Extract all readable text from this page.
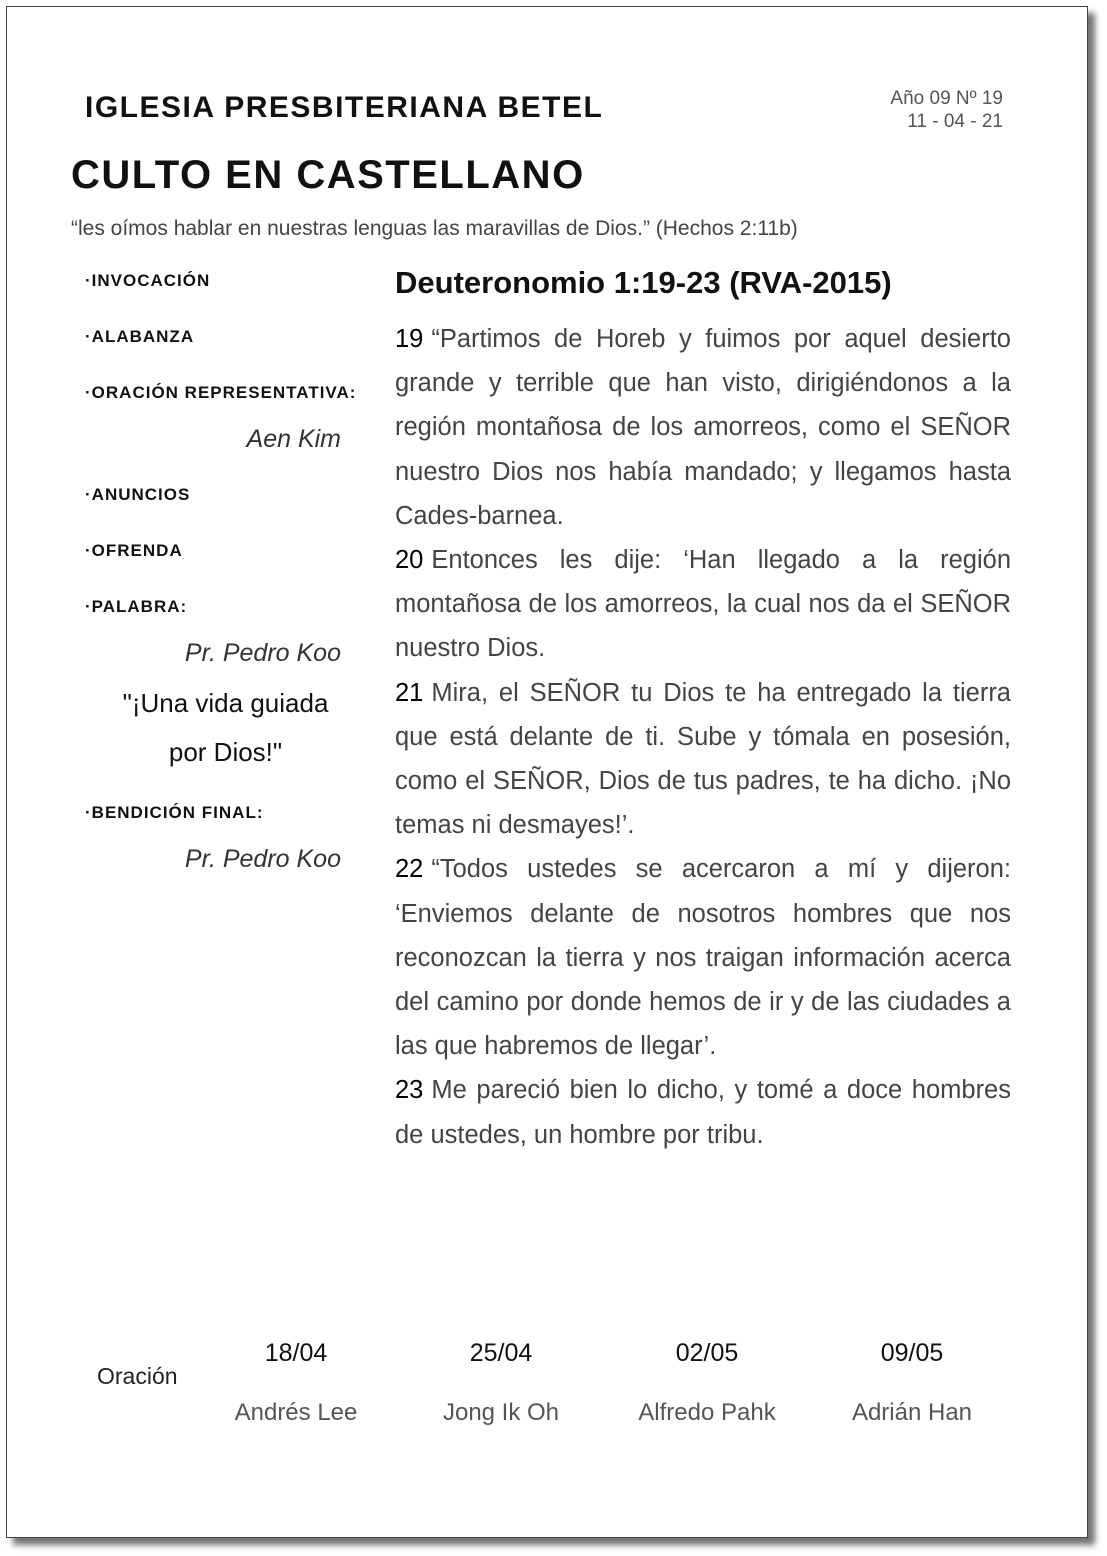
IGLESIA PRESBITERIANA BETEL	Año 09 Nº 19
11 - 04 - 21
CULTO EN CASTELLANO
“les oímos hablar en nuestras lenguas las maravillas de Dios.” (Hechos 2:11b)
·INVOCACIÓN
·ALABANZA
·ORACIÓN REPRESENTATIVA:
Aen Kim
·ANUNCIOS
·OFRENDA
·PALABRA:
Pr. Pedro Koo
"¡Una vida guiada
por Dios!"
·BENDICIÓN FINAL:
Pr. Pedro Koo
Deuteronomio 1:19-23 (RVA-2015)

19 “Partimos de Horeb y fuimos por aquel desierto grande y terrible que han visto, dirigiéndonos a la región montañosa de los amorreos, como el SEÑOR nuestro Dios nos había mandado; y llegamos hasta Cades-barnea.

20 Entonces les dije: ‘Han llegado a la región montañosa de los amorreos, la cual nos da el SEÑOR nuestro Dios.

21 Mira, el SEÑOR tu Dios te ha entregado la tierra que está delante de ti. Sube y tómala en posesión, como el SEÑOR, Dios de tus padres, te ha dicho. ¡No temas ni desmayes!’.

22 “Todos ustedes se acercaron a mí y dijeron: ‘Enviemos delante de nosotros hombres que nos reconozcan la tierra y nos traigan información acerca del camino por donde hemos de ir y de las ciudades a las que habremos de llegar’.

23 Me pareció bien lo dicho, y tomé a doce hombres de ustedes, un hombre por tribu.

Oración
18/04
Andrés Lee
25/04
Jong Ik Oh
02/05
Alfredo Pahk
09/05
Adrián Han
